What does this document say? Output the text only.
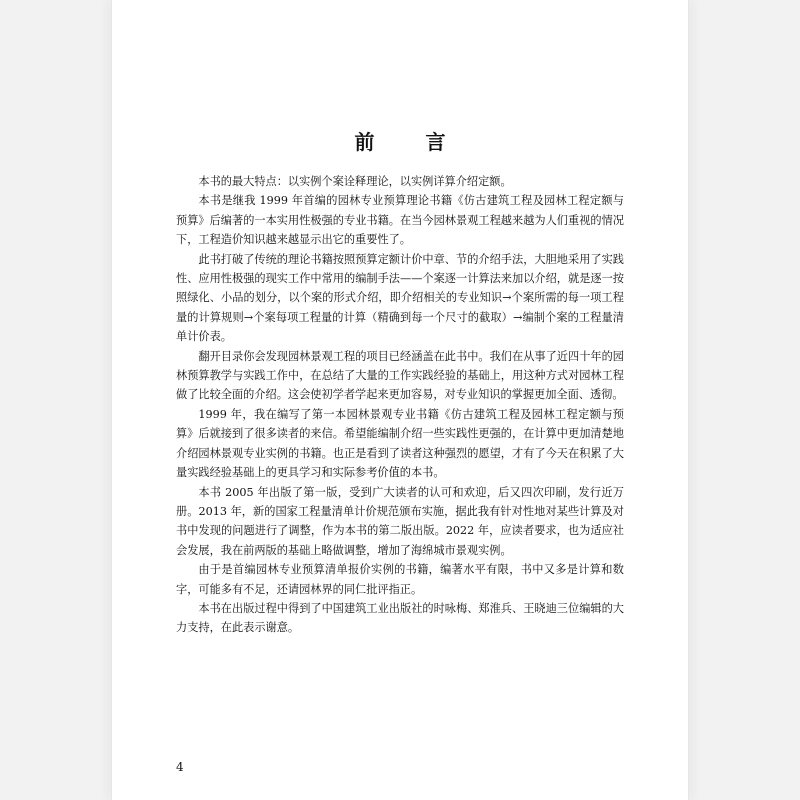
前 言

本书的最大特点：以实例个案诠释理论，以实例详算介绍定额。

本书是继我 1999 年首编的园林专业预算理论书籍《仿古建筑工程及园林工程定额与预算》后编著的一本实用性极强的专业书籍。在当今园林景观工程越来越为人们重视的情况下，工程造价知识越来越显示出它的重要性了。

此书打破了传统的理论书籍按照预算定额计价中章、节的介绍手法，大胆地采用了实践性、应用性极强的现实工作中常用的编制手法——个案逐一计算法来加以介绍，就是逐一按照绿化、小品的划分，以个案的形式介绍，即介绍相关的专业知识→个案所需的每一项工程量的计算规则→个案每项工程量的计算（精确到每一个尺寸的截取）→编制个案的工程量清单计价表。

翻开目录你会发现园林景观工程的项目已经涵盖在此书中。我们在从事了近四十年的园林预算教学与实践工作中，在总结了大量的工作实践经验的基础上，用这种方式对园林工程做了比较全面的介绍。这会使初学者学起来更加容易，对专业知识的掌握更加全面、透彻。

1999 年，我在编写了第一本园林景观专业书籍《仿古建筑工程及园林工程定额与预算》后就接到了很多读者的来信。希望能编制介绍一些实践性更强的，在计算中更加清楚地介绍园林景观专业实例的书籍。也正是看到了读者这种强烈的愿望，才有了今天在积累了大量实践经验基础上的更具学习和实际参考价值的本书。

本书 2005 年出版了第一版，受到广大读者的认可和欢迎，后又四次印刷，发行近万册。2013 年，新的国家工程量清单计价规范颁布实施，据此我有针对性地对某些计算及对书中发现的问题进行了调整，作为本书的第二版出版。2022 年，应读者要求，也为适应社会发展，我在前两版的基础上略做调整，增加了海绵城市景观实例。

由于是首编园林专业预算清单报价实例的书籍，编著水平有限，书中又多是计算和数字，可能多有不足，还请园林界的同仁批评指正。

本书在出版过程中得到了中国建筑工业出版社的时咏梅、郑淮兵、王晓迪三位编辑的大力支持，在此表示谢意。

4
